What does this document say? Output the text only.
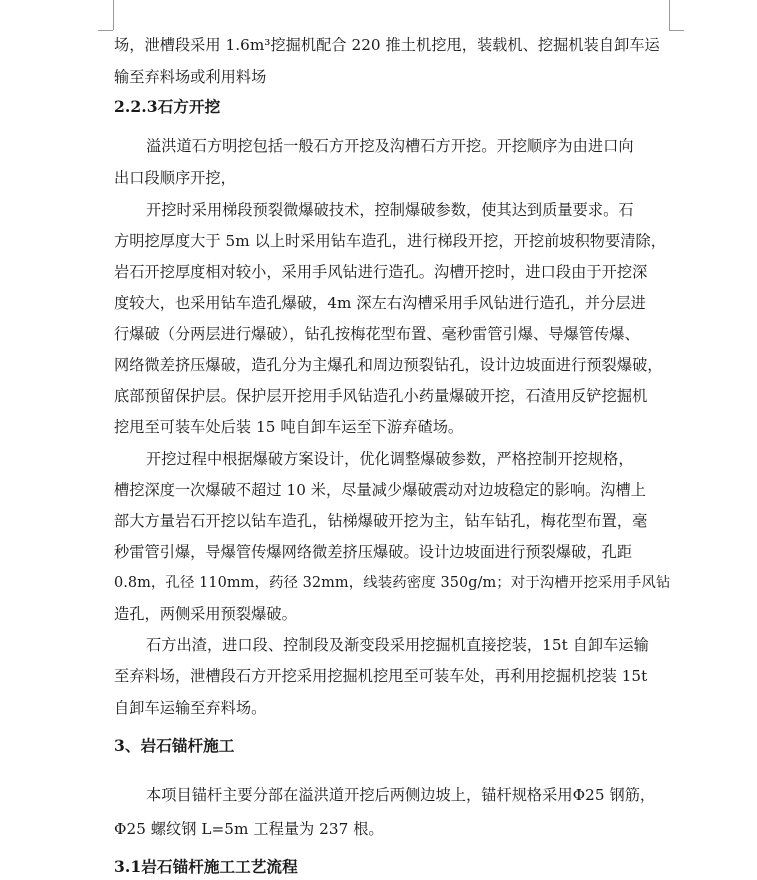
场，泄槽段采用 1.6m³挖掘机配合 220 推土机挖甩，装载机、挖掘机装自卸车运
输至弃料场或利用料场
2.2.3石方开挖
溢洪道石方明挖包括一般石方开挖及沟槽石方开挖。开挖顺序为由进口向
出口段顺序开挖，
开挖时采用梯段预裂微爆破技术，控制爆破参数，使其达到质量要求。石
方明挖厚度大于 5m 以上时采用钻车造孔，进行梯段开挖，开挖前坡积物要清除，
岩石开挖厚度相对较小，采用手风钻进行造孔。沟槽开挖时，进口段由于开挖深
度较大，也采用钻车造孔爆破，4m 深左右沟槽采用手风钻进行造孔，并分层进
行爆破（分两层进行爆破），钻孔按梅花型布置、毫秒雷管引爆、导爆管传爆、
网络微差挤压爆破，造孔分为主爆孔和周边预裂钻孔，设计边坡面进行预裂爆破，
底部预留保护层。保护层开挖用手风钻造孔小药量爆破开挖，石渣用反铲挖掘机
挖甩至可装车处后装 15 吨自卸车运至下游弃碴场。
开挖过程中根据爆破方案设计，优化调整爆破参数，严格控制开挖规格，
槽挖深度一次爆破不超过 10 米，尽量减少爆破震动对边坡稳定的影响。沟槽上
部大方量岩石开挖以钻车造孔，钻梯爆破开挖为主，钻车钻孔，梅花型布置，毫
秒雷管引爆，导爆管传爆网络微差挤压爆破。设计边坡面进行预裂爆破，孔距
0.8m，孔径 110mm，药径 32mm，线装药密度 350g/m；对于沟槽开挖采用手风钻
造孔，两侧采用预裂爆破。
石方出渣，进口段、控制段及渐变段采用挖掘机直接挖装，15t 自卸车运输
至弃料场，泄槽段石方开挖采用挖掘机挖甩至可装车处，再利用挖掘机挖装 15t
自卸车运输至弃料场。
3、岩石锚杆施工
本项目锚杆主要分部在溢洪道开挖后两侧边坡上，锚杆规格采用Φ25 钢筋，
Φ25 螺纹钢 L=5m 工程量为 237 根。
3.1岩石锚杆施工工艺流程
